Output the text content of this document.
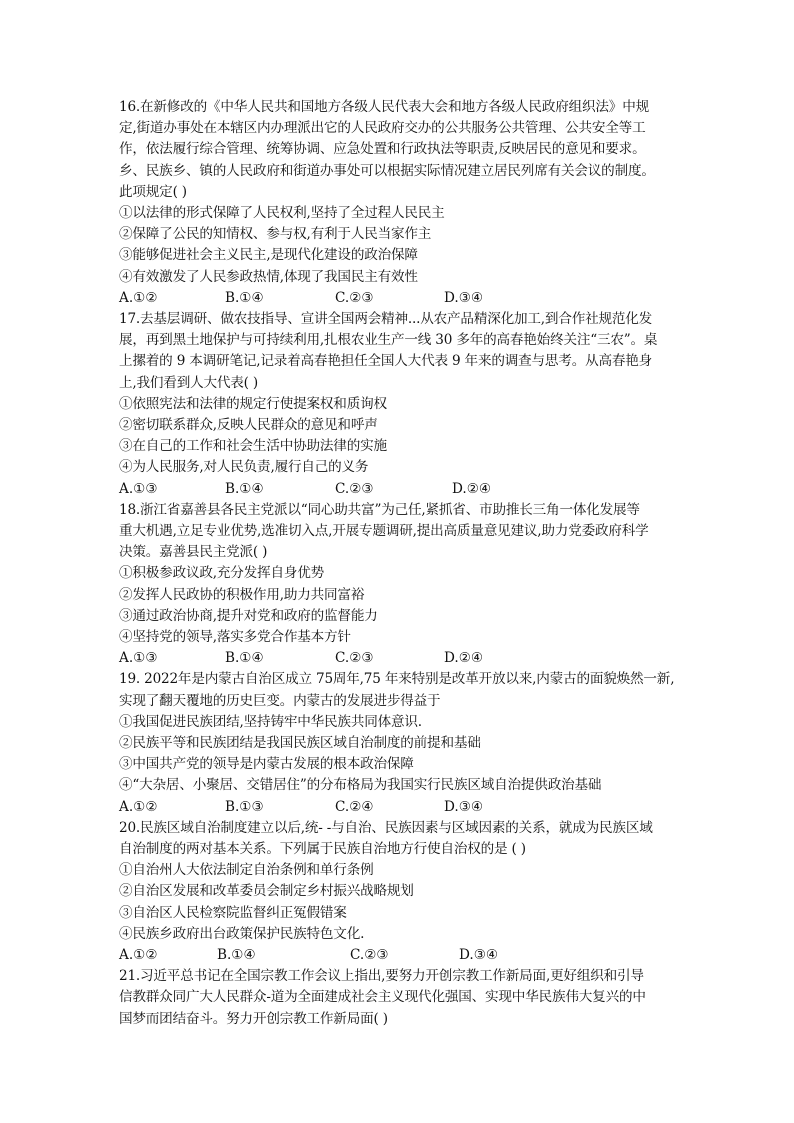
16.在新修改的《中华人民共和国地方各级人民代表大会和地方各级人民政府组织法》中规
定,街道办事处在本辖区内办理派出它的人民政府交办的公共服务公共管理、公共安全等工
作，依法履行综合管理、统筹协调、应急处置和行政执法等职责,反映居民的意见和要求。
乡、民族乡、镇的人民政府和街道办事处可以根据实际情况建立居民列席有关会议的制度。
此项规定( )
①以法律的形式保障了人民权利,坚持了全过程人民民主
②保障了公民的知情权、参与权,有利于人民当家作主
③能够促进社会主义民主,是现代化建设的政治保障
④有效激发了人民参政热情,体现了我国民主有效性
A.①②	B.①④	C.②③	D.③④
17.去基层调研、做农技指导、宣讲全国两会精神...从农产品精深化加工,到合作社规范化发
展，再到黑土地保护与可持续利用,扎根农业生产一线 30 多年的高春艳始终关注“三农”。桌
上摞着的 9 本调研笔记,记录着高春艳担任全国人大代表 9 年来的调查与思考。从高春艳身
上,我们看到人大代表( )
①依照宪法和法律的规定行使提案权和质询权
②密切联系群众,反映人民群众的意见和呼声
③在自己的工作和社会生活中协助法律的实施
④为人民服务,对人民负责,履行自己的义务
A.①③	B.①④	C.②③	D.②④
18.浙江省嘉善县各民主党派以“同心助共富”为己任,紧抓省、市助推长三角一体化发展等
重大机遇,立足专业优势,选准切入点,开展专题调研,提出高质量意见建议,助力党委政府科学
决策。嘉善县民主党派( )
①积极参政议政,充分发挥自身优势
②发挥人民政协的积极作用,助力共同富裕
③通过政治协商,提升对党和政府的监督能力
④坚持党的领导,落实多党合作基本方针
A.①③	B.①④	C.②③	D.②④
19. 2022年是内蒙古自治区成立 75周年,75 年来特别是改革开放以来,内蒙古的面貌焕然一新,
实现了翻天覆地的历史巨变。内蒙古的发展进步得益于
①我国促进民族团结,坚持铸牢中华民族共同体意识.
②民族平等和民族团结是我国民族区域自治制度的前提和基础
③中国共产党的领导是内蒙古发展的根本政治保障
④“大杂居、小聚居、交错居住”的分布格局为我国实行民族区域自治提供政治基础
A.①②	B.①③	C.②④	D.③④
20.民族区域自治制度建立以后,统- -与自治、民族因素与区域因素的关系，就成为民族区域
自治制度的两对基本关系。下列属于民族自治地方行使自治权的是 ( )
①自治州人大依法制定自治条例和单行条例
②自治区发展和改革委员会制定乡村振兴战略规划
③自治区人民检察院监督纠正冤假错案
④民族乡政府出台政策保护民族特色文化.
A.①②	B.①④	C.②③	D.③④
21.习近平总书记在全国宗教工作会议上指出,要努力开创宗教工作新局面,更好组织和引导
信教群众同广大人民群众-道为全面建成社会主义现代化强国、实现中华民族伟大复兴的中
国梦而团结奋斗。努力开创宗教工作新局面( )
